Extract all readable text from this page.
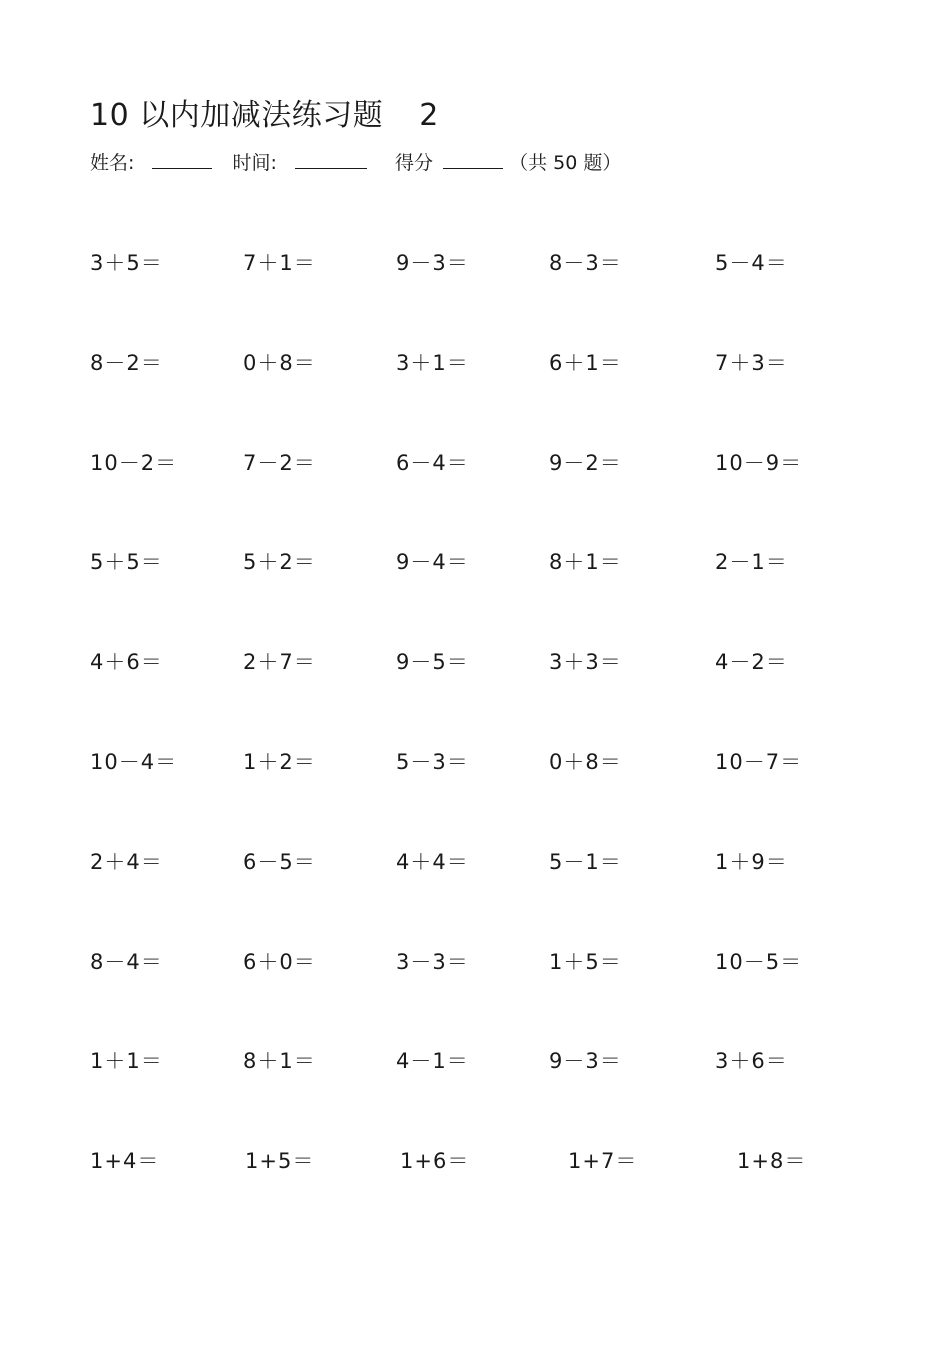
10 以内加减法练习题 2
姓名:	时间:	得分	（共 50 题）
3＋5＝	7＋1＝	9－3＝	8－3＝	5－4＝
8－2＝	0＋8＝	3＋1＝	6＋1＝	7＋3＝
10－2＝	7－2＝	6－4＝	9－2＝	10－9＝
5＋5＝	5＋2＝	9－4＝	8＋1＝	2－1＝
4＋6＝	2＋7＝	9－5＝	3＋3＝	4－2＝
10－4＝	1＋2＝	5－3＝	0＋8＝	10－7＝
2＋4＝	6－5＝	4＋4＝	5－1＝	1＋9＝
8－4＝	6＋0＝	3－3＝	1＋5＝	10－5＝
1＋1＝	8＋1＝	4－1＝	9－3＝	3＋6＝
1+4＝	1+5＝	1+6＝	1+7＝	1+8＝
